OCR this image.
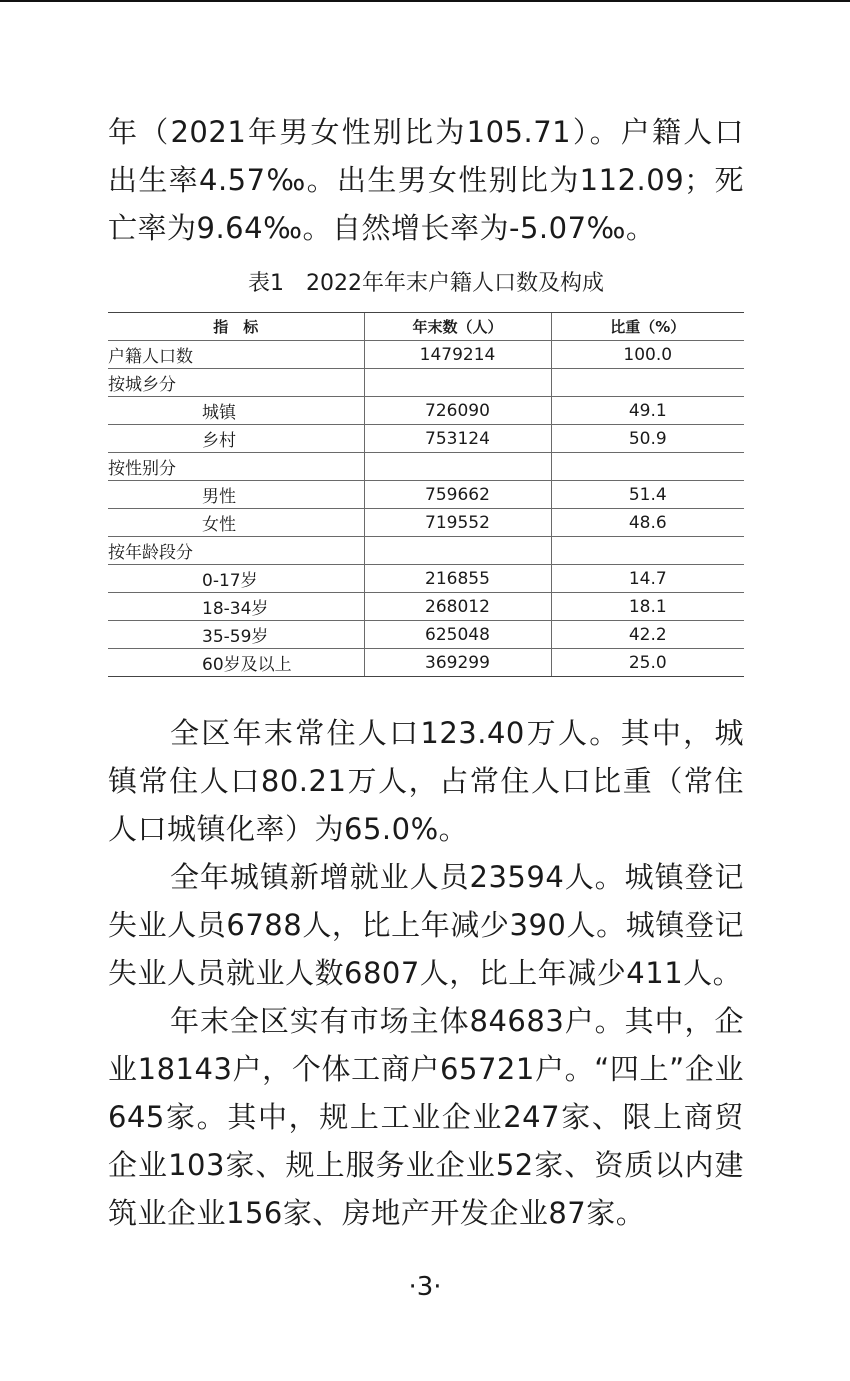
年（2021年男女性别比为105.71）。户籍人口出生率4.57‰。出生男女性别比为112.09；死亡率为9.64‰。自然增长率为-5.07‰。

表1　2022年年末户籍人口数及构成
指　标	年末数（人）	比重（%）
户籍人口数	1479214	100.0
按城乡分		
城镇	726090	49.1
乡村	753124	50.9
按性别分		
男性	759662	51.4
女性	719552	48.6
按年龄段分		
0-17岁	216855	14.7
18-34岁	268012	18.1
35-59岁	625048	42.2
60岁及以上	369299	25.0

全区年末常住人口123.40万人。其中，城镇常住人口80.21万人，占常住人口比重（常住人口城镇化率）为65.0%。

全年城镇新增就业人员23594人。城镇登记失业人员6788人，比上年减少390人。城镇登记失业人员就业人数6807人，比上年减少411人。

年末全区实有市场主体84683户。其中，企业18143户，个体工商户65721户。“四上”企业645家。其中，规上工业企业247家、限上商贸企业103家、规上服务业企业52家、资质以内建筑业企业156家、房地产开发企业87家。

·3·
